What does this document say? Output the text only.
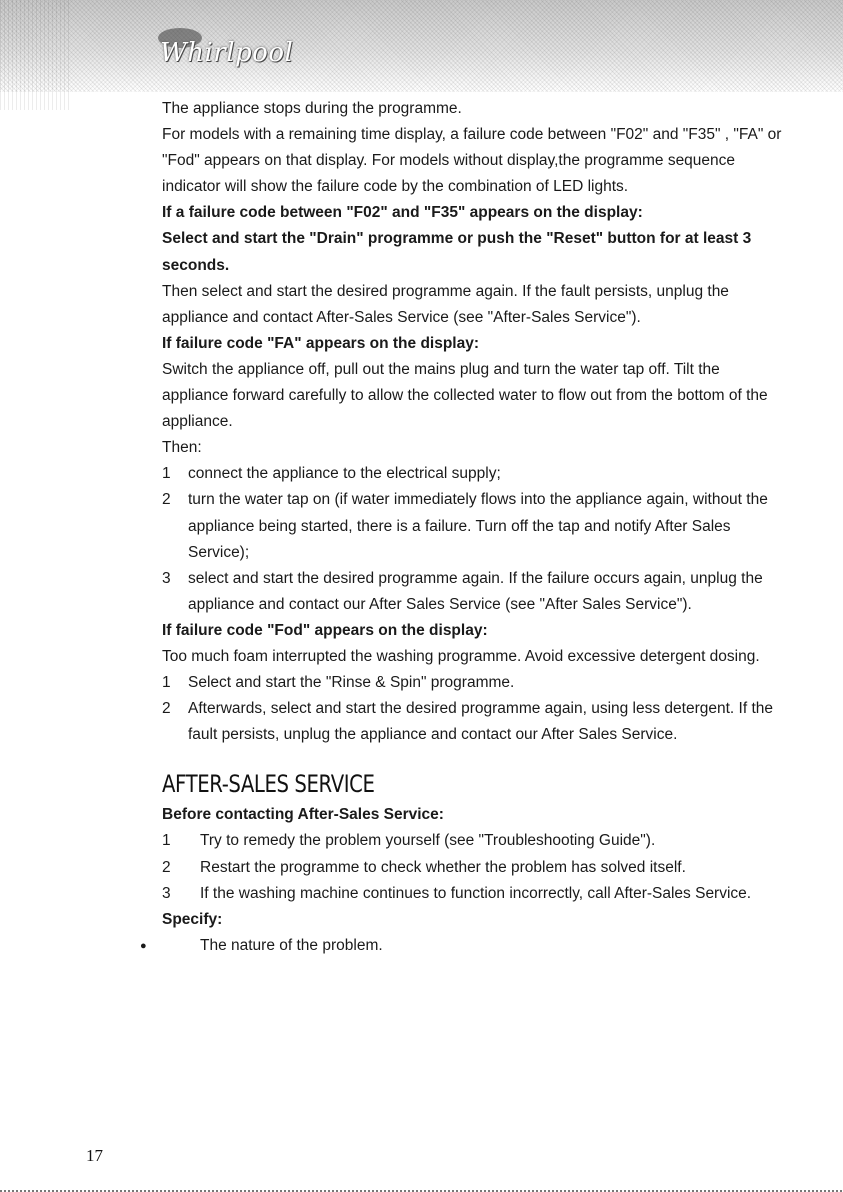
Whirlpool

The appliance stops during the programme.

For models with a remaining time display, a failure code between "F02" and "F35" , "FA" or "Fod" appears on that display. For models without display,the programme sequence indicator will show the failure code by the combination of LED lights.

If a failure code between "F02" and "F35" appears on the display:

Select and start the "Drain" programme or push the "Reset" button for at least 3 seconds.

Then select and start the desired programme again. If the fault persists, unplug the appliance and contact After-Sales Service (see "After-Sales Service").

If failure code "FA" appears on the display:

Switch the appliance off, pull out the mains plug and turn the water tap off. Tilt the appliance forward carefully to allow the collected water to flow out from the bottom of the appliance.

Then:

1	connect the appliance to the electrical supply;
2	turn the water tap on (if water immediately flows into the appliance again, without the appliance being started, there is a failure. Turn off the tap and notify After Sales Service);
3	select and start the desired programme again. If the failure occurs again, unplug the appliance and contact our After Sales Service (see "After Sales Service").

If failure code "Fod" appears on the display:

Too much foam interrupted the washing programme. Avoid excessive detergent dosing.

1	Select and start the "Rinse & Spin" programme.
2	Afterwards, select and start the desired programme again, using less detergent. If the fault persists, unplug the appliance and contact our After Sales Service.

AFTER-SALES SERVICE

Before contacting After-Sales Service:

1	Try to remedy the problem yourself (see "Troubleshooting Guide").
2	Restart the programme to check whether the problem has solved itself.
3	If the washing machine continues to function incorrectly, call After-Sales Service.

Specify:

●	The nature of the problem.
17
